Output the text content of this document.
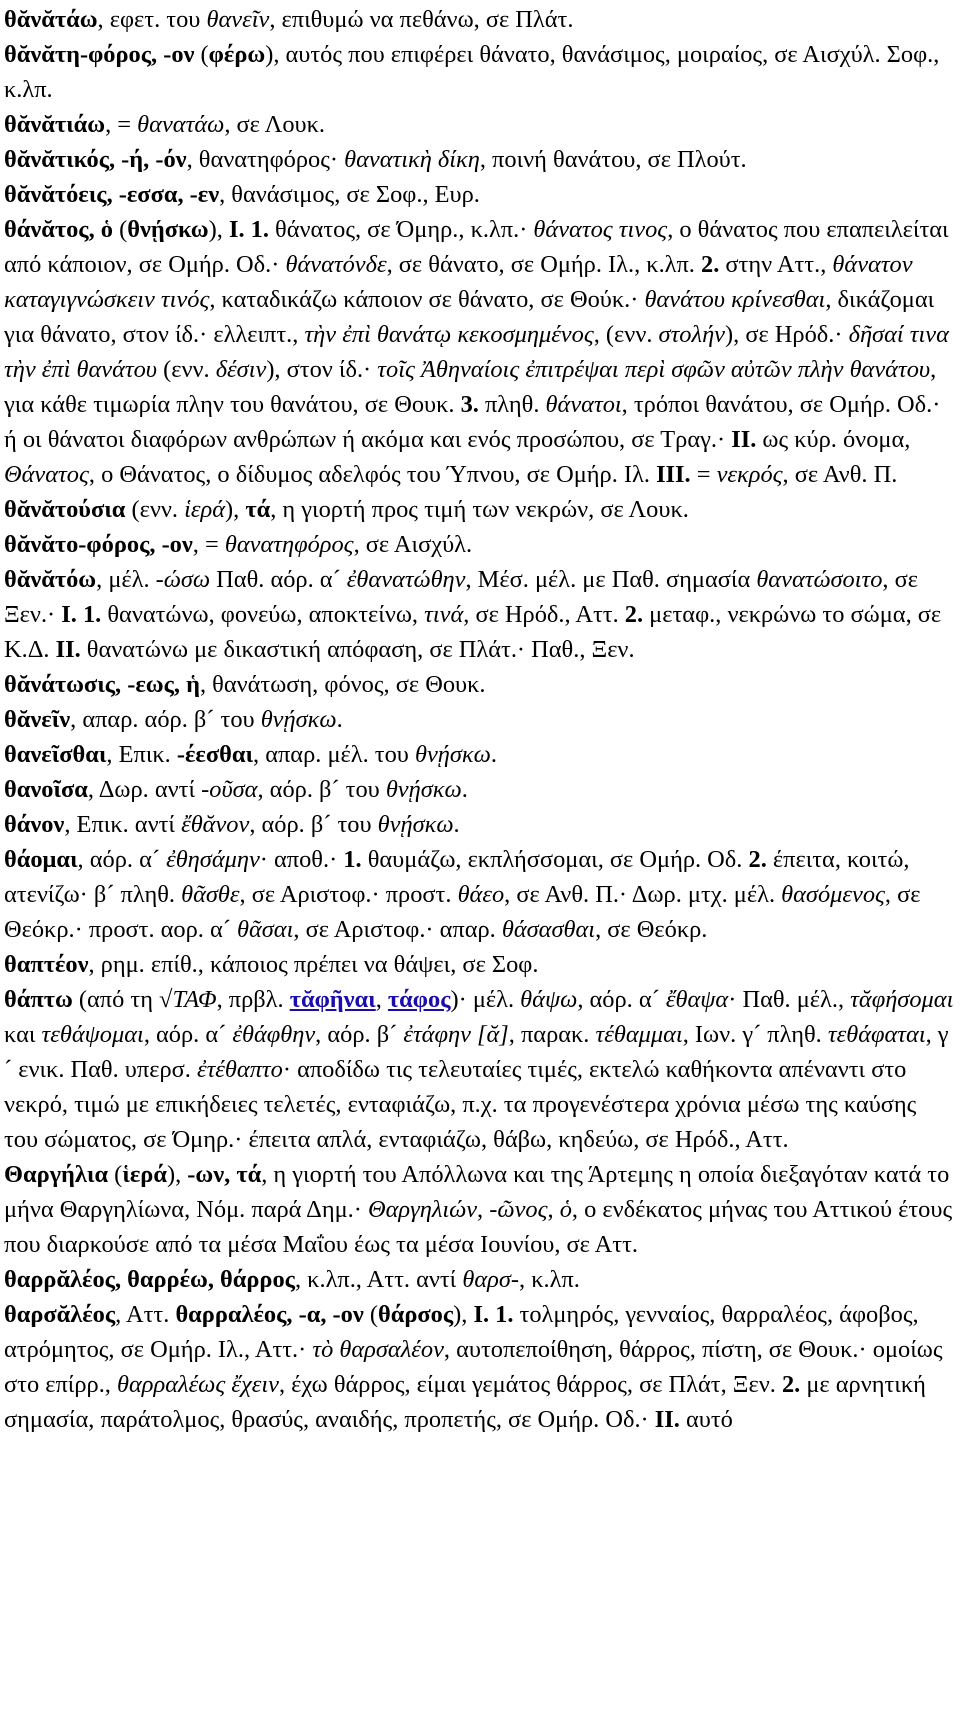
θᾰνᾰτάω, εφετ. του θανεῖν, επιθυμώ να πεθάνω, σε Πλάτ.

θᾰνᾰτη-φόρος, -ον (φέρω), αυτός που επιφέρει θάνατο, θανάσιμος, μοιραίος, σε Αισχύλ. Σοφ., κ.λπ.

θᾰνᾰτιάω, = θανατάω, σε Λουκ.

θᾰνᾰτικός, -ή, -όν, θανατηφόρος· θανατικὴ δίκη, ποινή θανάτου, σε Πλούτ.

θᾰνᾰτόεις, -εσσα, -εν, θανάσιμος, σε Σοφ., Ευρ.

θάνᾰτος, ὁ (θνῄσκω), I. 1. θάνατος, σε Όμηρ., κ.λπ.· θάνατος τινος, ο θάνατος που επαπειλείται από κάποιον, σε Ομήρ. Οδ.· θάνατόνδε, σε θάνατο, σε Ομήρ. Ιλ., κ.λπ. 2. στην Αττ., θάνατον καταγιγνώσκειν τινός, καταδικάζω κάποιον σε θάνατο, σε Θούκ.· θανάτου κρίνεσθαι, δικάζομαι για θάνατο, στον ίδ.· ελλειπτ., τὴν ἐπὶ θανάτῳ κεκοσμημένος, (ενν. στολήν), σε Ηρόδ.· δῆσαί τινα τὴν ἐπὶ θανάτου (ενν. δέσιν), στον ίδ.· τοῖς Ἀθηναίοις ἐπιτρέψαι περὶ σφῶν αὐτῶν πλὴν θανάτου, για κάθε τιμωρία πλην του θανάτου, σε Θουκ. 3. πληθ. θάνατοι, τρόποι θανάτου, σε Ομήρ. Οδ.· ή οι θάνατοι διαφόρων ανθρώπων ή ακόμα και ενός προσώπου, σε Τραγ.· II. ως κύρ. όνομα, Θάνατος, ο Θάνατος, ο δίδυμος αδελφός του Ύπνου, σε Ομήρ. Ιλ. III. = νεκρός, σε Ανθ. Π.

θᾰνᾰτούσια (ενν. ἱερά), τά, η γιορτή προς τιμή των νεκρών, σε Λουκ.

θᾰνᾰτο-φόρος, -ον, = θανατηφόρος, σε Αισχύλ.

θᾰνᾰτόω, μέλ. -ώσω Παθ. αόρ. α´ ἐθανατώθην, Μέσ. μέλ. με Παθ. σημασία θανατώσοιτο, σε Ξεν.· I. 1. θανατώνω, φονεύω, αποκτείνω, τινά, σε Ηρόδ., Αττ. 2. μεταφ., νεκρώνω το σώμα, σε Κ.Δ. II. θανατώνω με δικαστική απόφαση, σε Πλάτ.· Παθ., Ξεν.

θᾰνάτωσις, -εως, ἡ, θανάτωση, φόνος, σε Θουκ.

θᾰνεῖν, απαρ. αόρ. β´ του θνῄσκω.

θανεῖσθαι, Επικ. -έεσθαι, απαρ. μέλ. του θνῄσκω.

θανοῖσα, Δωρ. αντί -οῦσα, αόρ. β´ του θνῄσκω.

θάνον, Επικ. αντί ἔθᾰνον, αόρ. β´ του θνῄσκω.

θάομαι, αόρ. α´ ἐθησάμην· αποθ.· 1. θαυμάζω, εκπλήσσομαι, σε Ομήρ. Οδ. 2. έπειτα, κοιτώ, ατενίζω· β´ πληθ. θᾶσθε, σε Αριστοφ.· προστ. θάεο, σε Ανθ. Π.· Δωρ. μτχ. μέλ. θασόμενος, σε Θεόκρ.· προστ. αορ. α´ θᾶσαι, σε Αριστοφ.· απαρ. θάσασθαι, σε Θεόκρ.

θαπτέον, ρημ. επίθ., κάποιος πρέπει να θάψει, σε Σοφ.

θάπτω (από τη √ΤΑΦ, πρβλ. τᾰφῆναι, τάφος)· μέλ. θάψω, αόρ. α´ ἔθαψα· Παθ. μέλ., τᾰφήσομαι και τεθάψομαι, αόρ. α´ ἐθάφθην, αόρ. β´ ἐτάφην [ᾰ], παρακ. τέθαμμαι, Ιων. γ´ πληθ. τεθάφαται, γ´ ενικ. Παθ. υπερσ. ἐτέθαπτο· αποδίδω τις τελευταίες τιμές, εκτελώ καθήκοντα απέναντι στο νεκρό, τιμώ με επικήδειες τελετές, ενταφιάζω, π.χ. τα προγενέστερα χρόνια μέσω της καύσης του σώματος, σε Όμηρ.· έπειτα απλά, ενταφιάζω, θάβω, κηδεύω, σε Ηρόδ., Αττ.

Θαργήλια (ἱερά), -ων, τά, η γιορτή του Απόλλωνα και της Άρτεμης η οποία διεξαγόταν κατά το μήνα Θαργηλίωνα, Νόμ. παρά Δημ.· Θαργηλιών, -ῶνος, ὁ, ο ενδέκατος μήνας του Αττικού έτους που διαρκούσε από τα μέσα Μαΐου έως τα μέσα Ιουνίου, σε Αττ.

θαρρᾰλέος, θαρρέω, θάρρος, κ.λπ., Αττ. αντί θαρσ-, κ.λπ.

θαρσᾰλέος, Αττ. θαρραλέος, -α, -ον (θάρσος), I. 1. τολμηρός, γενναίος, θαρραλέος, άφοβος, ατρόμητος, σε Ομήρ. Ιλ., Αττ.· τὸ θαρσαλέον, αυτοπεποίθηση, θάρρος, πίστη, σε Θουκ.· ομοίως στο επίρρ., θαρραλέως ἔχειν, έχω θάρρος, είμαι γεμάτος θάρρος, σε Πλάτ, Ξεν. 2. με αρνητική σημασία, παράτολμος, θρασύς, αναιδής, προπετής, σε Ομήρ. Οδ.· II. αυτό
